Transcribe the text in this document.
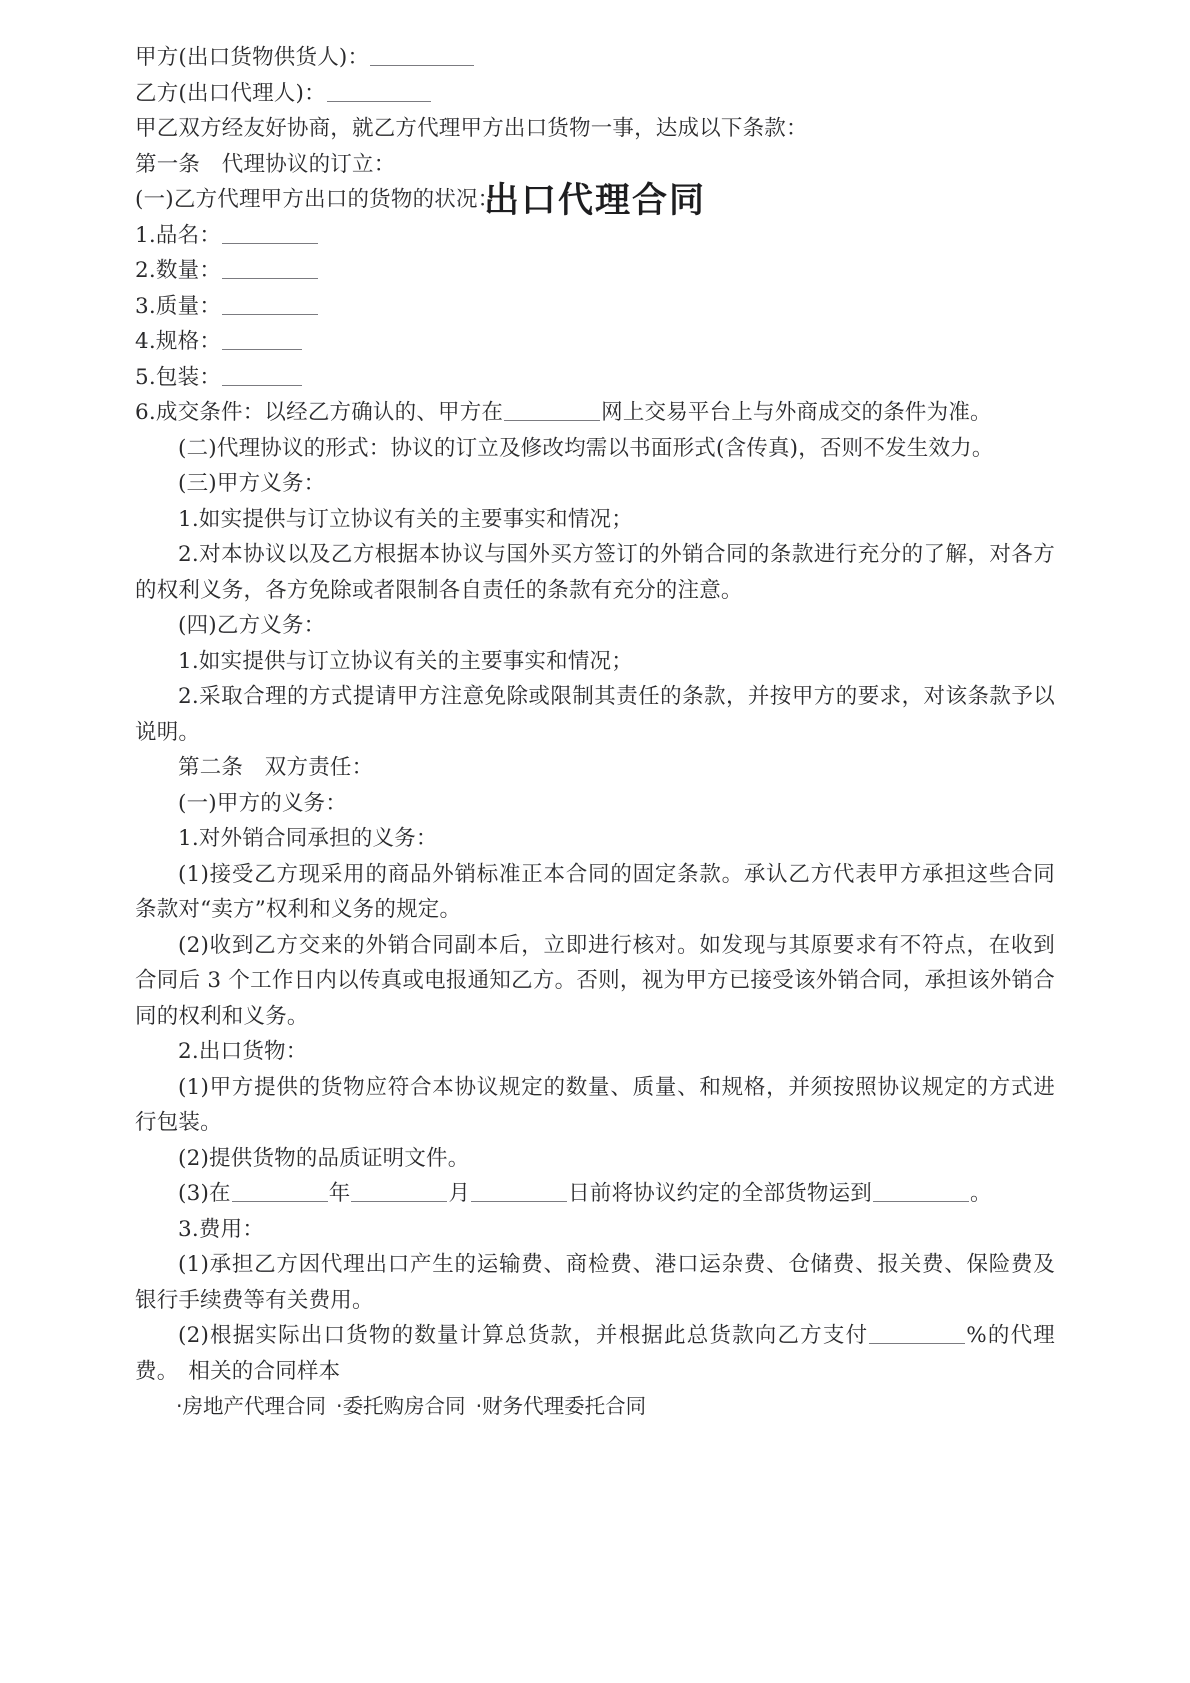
出口代理合同

甲方(出口货物供货人)：

乙方(出口代理人)：

甲乙双方经友好协商，就乙方代理甲方出口货物一事，达成以下条款：

第一条　代理协议的订立：

(一)乙方代理甲方出口的货物的状况：

1.品名：

2.数量：

3.质量：

4.规格：

5.包装：

6.成交条件：以经乙方确认的、甲方在	网上交易平台上与外商成交的条件为准。

(二)代理协议的形式：协议的订立及修改均需以书面形式(含传真)，否则不发生效力。

(三)甲方义务：

1.如实提供与订立协议有关的主要事实和情况；

2.对本协议以及乙方根据本协议与国外买方签订的外销合同的条款进行充分的了解，对各方的权利义务，各方免除或者限制各自责任的条款有充分的注意。

(四)乙方义务：

1.如实提供与订立协议有关的主要事实和情况；

2.采取合理的方式提请甲方注意免除或限制其责任的条款，并按甲方的要求，对该条款予以说明。

第二条　双方责任：

(一)甲方的义务：

1.对外销合同承担的义务：

(1)接受乙方现采用的商品外销标准正本合同的固定条款。承认乙方代表甲方承担这些合同条款对“卖方”权利和义务的规定。

(2)收到乙方交来的外销合同副本后，立即进行核对。如发现与其原要求有不符点，在收到合同后 3 个工作日内以传真或电报通知乙方。否则，视为甲方已接受该外销合同，承担该外销合同的权利和义务。

2.出口货物：

(1)甲方提供的货物应符合本协议规定的数量、质量、和规格，并须按照协议规定的方式进行包装。

(2)提供货物的品质证明文件。

(3)在	年	月	日前将协议约定的全部货物运到	。

3.费用：

(1)承担乙方因代理出口产生的运输费、商检费、港口运杂费、仓储费、报关费、保险费及银行手续费等有关费用。

(2)根据实际出口货物的数量计算总货款，并根据此总货款向乙方支付	%的代理费。 相关的合同样本

·房地产代理合同 ·委托购房合同 ·财务代理委托合同
